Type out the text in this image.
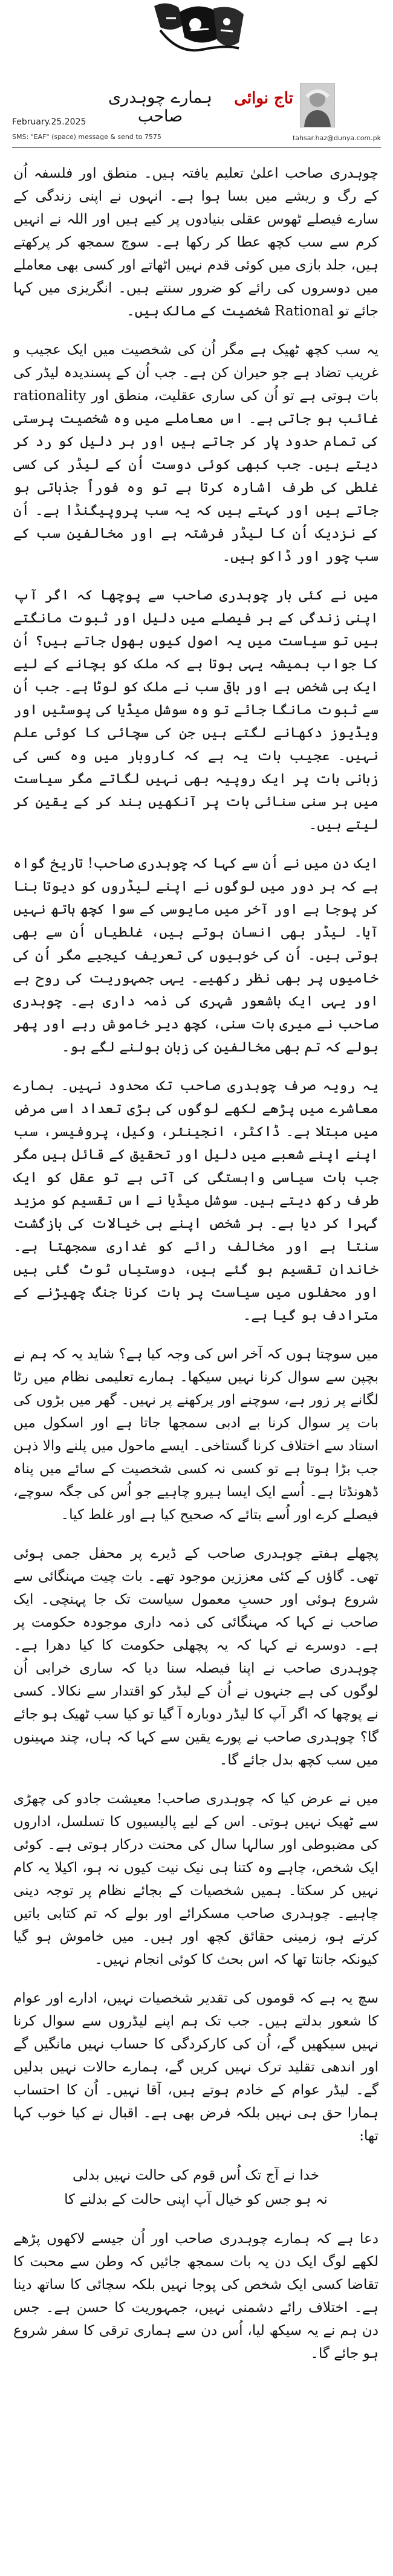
ہمارے چوہدری صاحب
تاج نوائی
February.25.2025
SMS: "EAF" (space) message & send to 7575	tahsar.haz@dunya.com.pk

چوہدری صاحب اعلیٰ تعلیم یافتہ ہیں۔ منطق اور فلسفہ اُن کے رگ و ریشے میں بسا ہوا ہے۔ انہوں نے اپنی زندگی کے سارے فیصلے ٹھوس عقلی بنیادوں پر کیے ہیں اور اللہ نے انہیں کرم سے سب کچھ عطا کر رکھا ہے۔ سوچ سمجھ کر پرکھتے ہیں، جلد بازی میں کوئی قدم نہیں اٹھاتے اور کسی بھی معاملے میں دوسروں کی رائے کو ضرور سنتے ہیں۔ انگریزی میں کہا جائے تو Rational شخصیت کے مالک ہیں۔

یہ سب کچھ ٹھیک ہے مگر اُن کی شخصیت میں ایک عجیب و غریب تضاد ہے جو حیران کن ہے۔ جب اُن کے پسندیدہ لیڈر کی بات ہوتی ہے تو اُن کی ساری عقلیت، منطق اور rationality غائب ہو جاتی ہے۔ اس معاملے میں وہ شخصیت پرستی کی تمام حدود پار کر جاتے ہیں اور ہر دلیل کو رد کر دیتے ہیں۔ جب کبھی کوئی دوست اُن کے لیڈر کی کسی غلطی کی طرف اشارہ کرتا ہے تو وہ فوراً جذباتی ہو جاتے ہیں اور کہتے ہیں کہ یہ سب پروپیگنڈا ہے۔ اُن کے نزدیک اُن کا لیڈر فرشتہ ہے اور مخالفین سب کے سب چور اور ڈاکو ہیں۔

میں نے کئی بار چوہدری صاحب سے پوچھا کہ اگر آپ اپنی زندگی کے ہر فیصلے میں دلیل اور ثبوت مانگتے ہیں تو سیاست میں یہ اصول کیوں بھول جاتے ہیں؟ اُن کا جواب ہمیشہ یہی ہوتا ہے کہ ملک کو بچانے کے لیے ایک ہی شخص ہے اور باقی سب نے ملک کو لوٹا ہے۔ جب اُن سے ثبوت مانگا جائے تو وہ سوشل میڈیا کی پوسٹیں اور ویڈیوز دکھانے لگتے ہیں جن کی سچائی کا کوئی علم نہیں۔ عجیب بات یہ ہے کہ کاروبار میں وہ کسی کی زبانی بات پر ایک روپیہ بھی نہیں لگاتے مگر سیاست میں ہر سنی سنائی بات پر آنکھیں بند کر کے یقین کر لیتے ہیں۔

ایک دن میں نے اُن سے کہا کہ چوہدری صاحب! تاریخ گواہ ہے کہ ہر دور میں لوگوں نے اپنے لیڈروں کو دیوتا بنا کر پوجا ہے اور آخر میں مایوسی کے سوا کچھ ہاتھ نہیں آیا۔ لیڈر بھی انسان ہوتے ہیں، غلطیاں اُن سے بھی ہوتی ہیں۔ اُن کی خوبیوں کی تعریف کیجیے مگر اُن کی خامیوں پر بھی نظر رکھیے۔ یہی جمہوریت کی روح ہے اور یہی ایک باشعور شہری کی ذمہ داری ہے۔ چوہدری صاحب نے میری بات سنی، کچھ دیر خاموش رہے اور پھر بولے کہ تم بھی مخالفین کی زبان بولنے لگے ہو۔

یہ رویہ صرف چوہدری صاحب تک محدود نہیں۔ ہمارے معاشرے میں پڑھے لکھے لوگوں کی بڑی تعداد اسی مرض میں مبتلا ہے۔ ڈاکٹر، انجینئر، وکیل، پروفیسر، سب اپنے اپنے شعبے میں دلیل اور تحقیق کے قائل ہیں مگر جب بات سیاسی وابستگی کی آتی ہے تو عقل کو ایک طرف رکھ دیتے ہیں۔ سوشل میڈیا نے اس تقسیم کو مزید گہرا کر دیا ہے۔ ہر شخص اپنے ہی خیالات کی بازگشت سنتا ہے اور مخالف رائے کو غداری سمجھتا ہے۔ خاندان تقسیم ہو گئے ہیں، دوستیاں ٹوٹ گئی ہیں اور محفلوں میں سیاست پر بات کرنا جنگ چھیڑنے کے مترادف ہو گیا ہے۔

میں سوچتا ہوں کہ آخر اس کی وجہ کیا ہے؟ شاید یہ کہ ہم نے بچپن سے سوال کرنا نہیں سیکھا۔ ہمارے تعلیمی نظام میں رٹا لگانے پر زور ہے، سوچنے اور پرکھنے پر نہیں۔ گھر میں بڑوں کی بات پر سوال کرنا بے ادبی سمجھا جاتا ہے اور اسکول میں استاد سے اختلاف کرنا گستاخی۔ ایسے ماحول میں پلنے والا ذہن جب بڑا ہوتا ہے تو کسی نہ کسی شخصیت کے سائے میں پناہ ڈھونڈتا ہے۔ اُسے ایک ایسا ہیرو چاہیے جو اُس کی جگہ سوچے، فیصلے کرے اور اُسے بتائے کہ صحیح کیا ہے اور غلط کیا۔

پچھلے ہفتے چوہدری صاحب کے ڈیرے پر محفل جمی ہوئی تھی۔ گاؤں کے کئی معززین موجود تھے۔ بات چیت مہنگائی سے شروع ہوئی اور حسبِ معمول سیاست تک جا پہنچی۔ ایک صاحب نے کہا کہ مہنگائی کی ذمہ داری موجودہ حکومت پر ہے۔ دوسرے نے کہا کہ یہ پچھلی حکومت کا کیا دھرا ہے۔ چوہدری صاحب نے اپنا فیصلہ سنا دیا کہ ساری خرابی اُن لوگوں کی ہے جنہوں نے اُن کے لیڈر کو اقتدار سے نکالا۔ کسی نے پوچھا کہ اگر آپ کا لیڈر دوبارہ آ گیا تو کیا سب ٹھیک ہو جائے گا؟ چوہدری صاحب نے پورے یقین سے کہا کہ ہاں، چند مہینوں میں سب کچھ بدل جائے گا۔

میں نے عرض کیا کہ چوہدری صاحب! معیشت جادو کی چھڑی سے ٹھیک نہیں ہوتی۔ اس کے لیے پالیسیوں کا تسلسل، اداروں کی مضبوطی اور سالہا سال کی محنت درکار ہوتی ہے۔ کوئی ایک شخص، چاہے وہ کتنا ہی نیک نیت کیوں نہ ہو، اکیلا یہ کام نہیں کر سکتا۔ ہمیں شخصیات کے بجائے نظام پر توجہ دینی چاہیے۔ چوہدری صاحب مسکرائے اور بولے کہ تم کتابی باتیں کرتے ہو، زمینی حقائق کچھ اور ہیں۔ میں خاموش ہو گیا کیونکہ جانتا تھا کہ اس بحث کا کوئی انجام نہیں۔

سچ یہ ہے کہ قوموں کی تقدیر شخصیات نہیں، ادارے اور عوام کا شعور بدلتے ہیں۔ جب تک ہم اپنے لیڈروں سے سوال کرنا نہیں سیکھیں گے، اُن کی کارکردگی کا حساب نہیں مانگیں گے اور اندھی تقلید ترک نہیں کریں گے، ہمارے حالات نہیں بدلیں گے۔ لیڈر عوام کے خادم ہوتے ہیں، آقا نہیں۔ اُن کا احتساب ہمارا حق ہی نہیں بلکہ فرض بھی ہے۔ اقبال نے کیا خوب کہا تھا:

خدا نے آج تک اُس قوم کی حالت نہیں بدلی
نہ ہو جس کو خیال آپ اپنی حالت کے بدلنے کا

دعا ہے کہ ہمارے چوہدری صاحب اور اُن جیسے لاکھوں پڑھے لکھے لوگ ایک دن یہ بات سمجھ جائیں کہ وطن سے محبت کا تقاضا کسی ایک شخص کی پوجا نہیں بلکہ سچائی کا ساتھ دینا ہے۔ اختلاف رائے دشمنی نہیں، جمہوریت کا حسن ہے۔ جس دن ہم نے یہ سیکھ لیا، اُس دن سے ہماری ترقی کا سفر شروع ہو جائے گا۔
